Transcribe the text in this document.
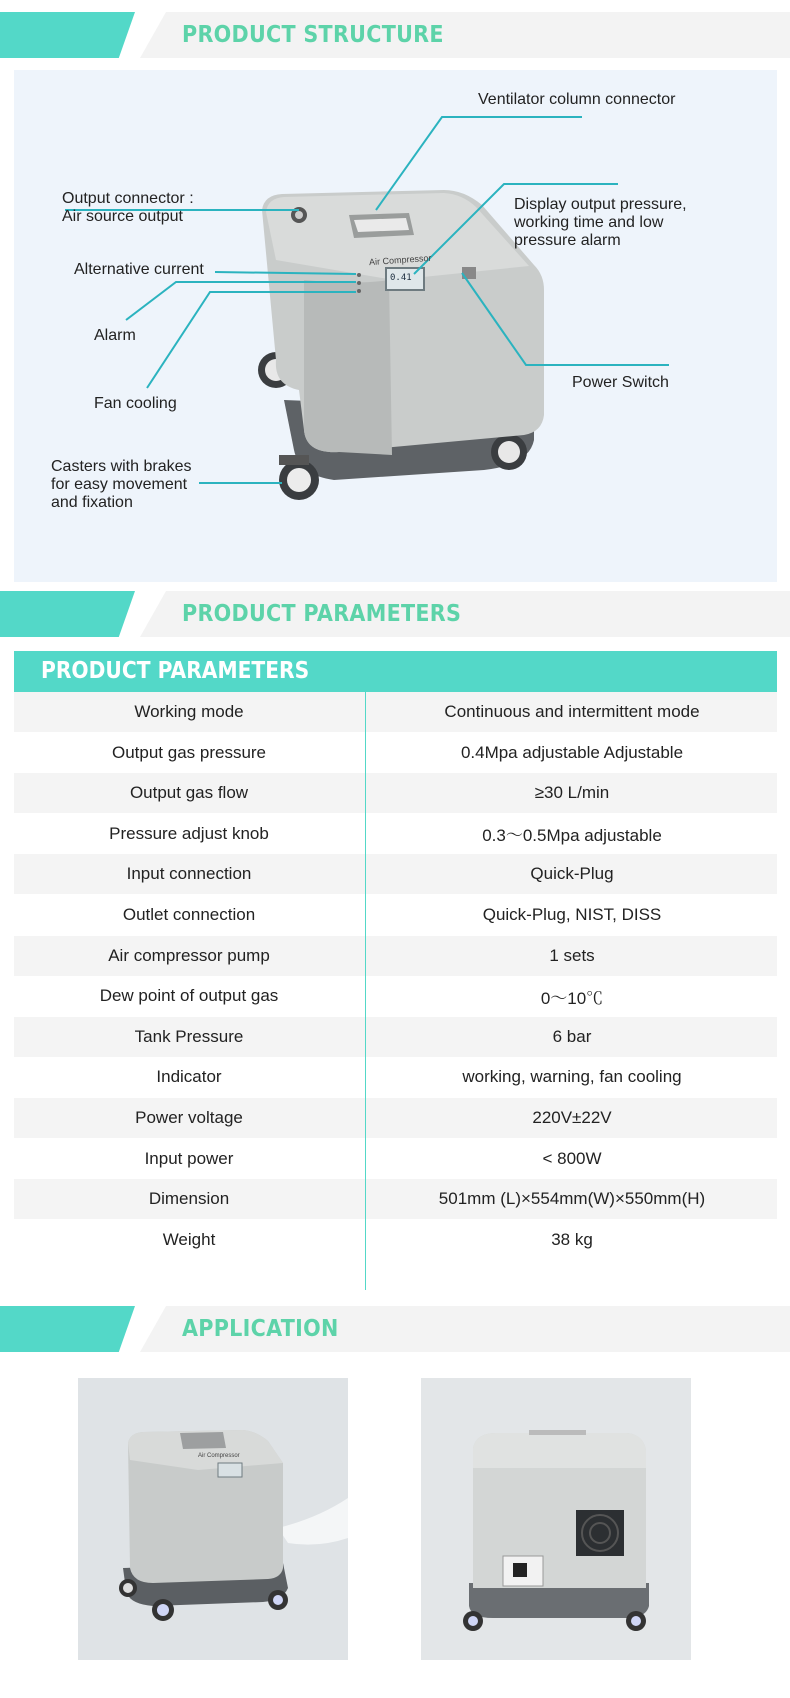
PRODUCT STRUCTURE
Ventilator column connector
Output connector :
Air source output
Display output pressure,
working time and low
pressure alarm
Alternative current
Alarm
Power Switch
Fan cooling
Casters with brakes
for easy movement
and fixation
Air Compressor
0.41
PRODUCT PARAMETERS
PRODUCT PARAMETERS
Working mode	Continuous and intermittent mode
Output gas pressure	0.4Mpa adjustable Adjustable
Output gas flow	≥30 L/min
Pressure adjust knob	0.3～0.5Mpa adjustable
Input connection	Quick-Plug
Outlet connection	Quick-Plug, NIST, DISS
Air compressor pump	1 sets
Dew point of output gas	0～10℃
Tank Pressure	6 bar
Indicator	working, warning, fan cooling
Power voltage	220V±22V
Input power	< 800W
Dimension	501mm (L)×554mm(W)×550mm(H)
Weight	38 kg
APPLICATION
Air Compressor
